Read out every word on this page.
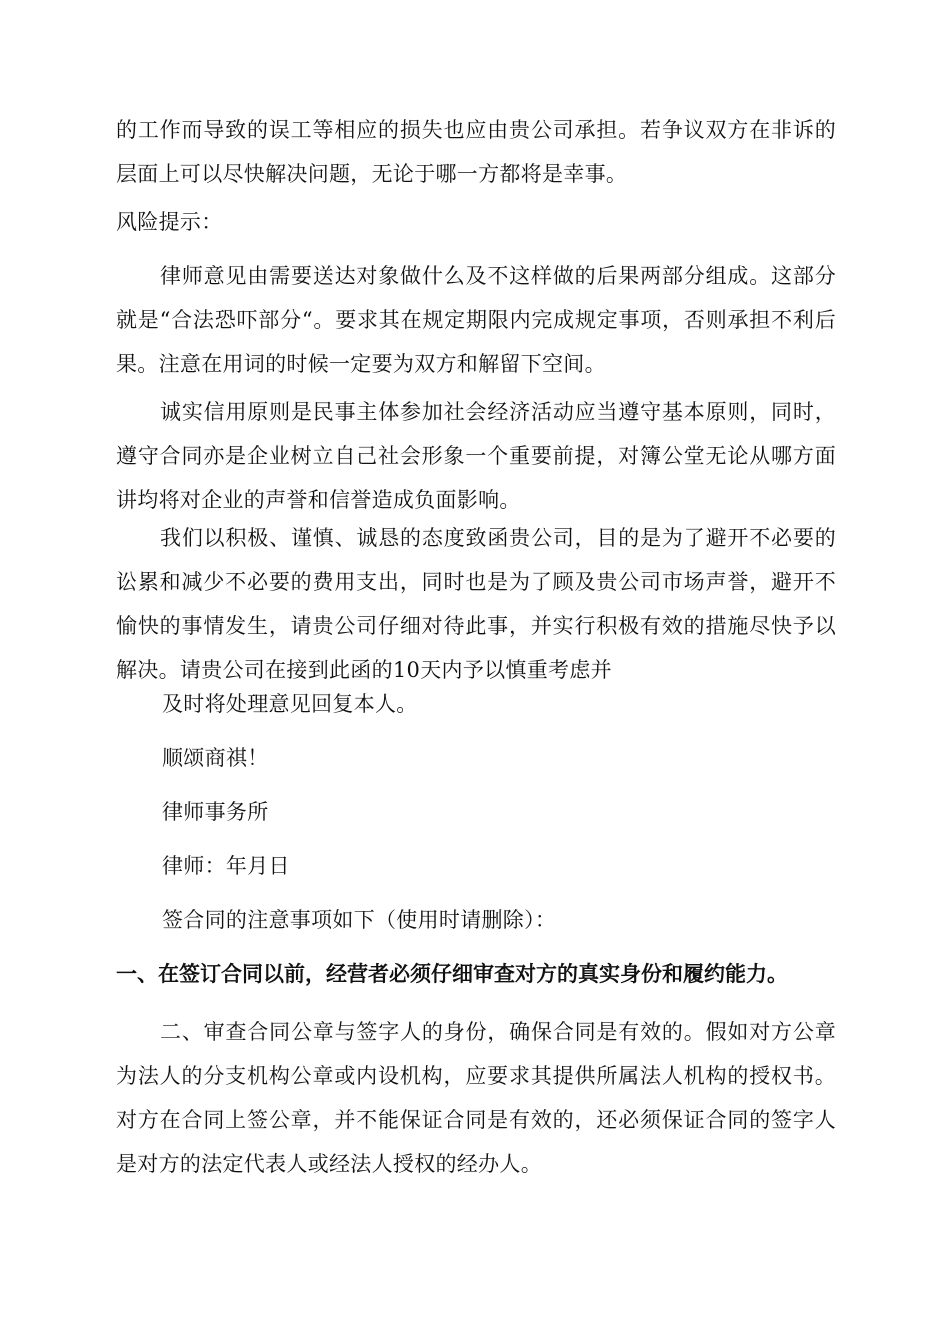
的工作而导致的误工等相应的损失也应由贵公司承担。若争议双方在非诉的层面上可以尽快解决问题，无论于哪一方都将是幸事。

风险提示：

律师意见由需要送达对象做什么及不这样做的后果两部分组成。这部分就是“合法恐吓部分“。要求其在规定期限内完成规定事项，否则承担不利后果。注意在用词的时候一定要为双方和解留下空间。

诚实信用原则是民事主体参加社会经济活动应当遵守基本原则，同时，遵守合同亦是企业树立自己社会形象一个重要前提，对簿公堂无论从哪方面讲均将对企业的声誉和信誉造成负面影响。

我们以积极、谨慎、诚恳的态度致函贵公司，目的是为了避开不必要的讼累和减少不必要的费用支出，同时也是为了顾及贵公司市场声誉，避开不愉快的事情发生，请贵公司仔细对待此事，并实行积极有效的措施尽快予以解决。请贵公司在接到此函的10天内予以慎重考虑并

及时将处理意见回复本人。

顺颂商祺！

律师事务所

律师：年月日

签合同的注意事项如下（使用时请删除）：

一、在签订合同以前，经营者必须仔细审查对方的真实身份和履约能力。

二、审查合同公章与签字人的身份，确保合同是有效的。假如对方公章为法人的分支机构公章或内设机构，应要求其提供所属法人机构的授权书。对方在合同上签公章，并不能保证合同是有效的，还必须保证合同的签字人是对方的法定代表人或经法人授权的经办人。
